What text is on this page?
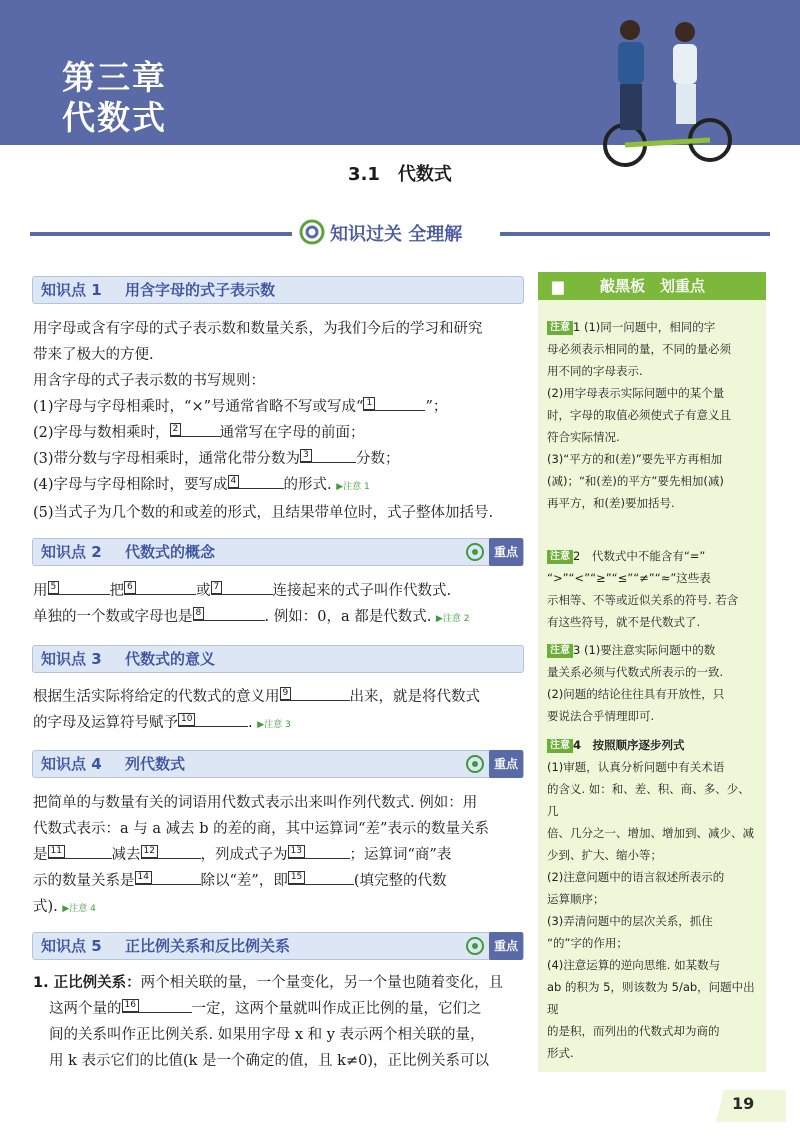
第三章
代数式
3.1　代数式
知识过关 全理解
知识点 1 用含字母的式子表示数
用字母或含有字母的式子表示数和数量关系，为我们今后的学习和研究
带来了极大的方便.
用含字母的式子表示数的书写规则：
(1)字母与字母相乘时，“×”号通常省略不写或写成“ 1	”；
(2)字母与数相乘时， 2	通常写在字母的前面；
(3)带分数与字母相乘时，通常化带分数为 3	分数；
(4)字母与字母相除时，要写成 4	的形式. ▶注意 1
(5)当式子为几个数的和或差的形式，且结果带单位时，式子整体加括号.
知识点 2 代数式的概念	重点
用 5	把 6	或 7	连接起来的式子叫作代数式.
单独的一个数或字母也是 8	. 例如：0，a 都是代数式. ▶注意 2
知识点 3 代数式的意义
根据生活实际将给定的代数式的意义用 9	出来，就是将代数式
的字母及运算符号赋予 10	. ▶注意 3
知识点 4 列代数式	重点
把简单的与数量有关的词语用代数式表示出来叫作列代数式. 例如：用
代数式表示：a 与 a 减去 b 的差的商，其中运算词“差”表示的数量关系
是 11	减去 12	，列成式子为 13	；运算词“商”表
示的数量关系是 14	除以“差”，即 15	(填完整的代数
式). ▶注意 4
知识点 5 正比例关系和反比例关系	重点
1. 正比例关系：两个相关联的量，一个量变化，另一个量也随着变化，且
这两个量的 16	一定，这两个量就叫作成正比例的量，它们之
间的关系叫作正比例关系. 如果用字母 x 和 y 表示两个相关联的量，
用 k 表示它们的比值(k 是一个确定的值，且 k≠0)，正比例关系可以
▆ 敲黑板　划重点
注意 1 (1)同一问题中，相同的字
母必须表示相同的量，不同的量必须
用不同的字母表示.
(2)用字母表示实际问题中的某个量
时，字母的取值必须使式子有意义且
符合实际情况.
(3)“平方的和(差)”要先平方再相加
(减)；“和(差)的平方”要先相加(减)
再平方，和(差)要加括号.
注意 2　代数式中不能含有“=”
“>”“<”“≥”“≤”“≠”“≈”这些表
示相等、不等或近似关系的符号. 若含
有这些符号，就不是代数式了.
注意 3 (1)要注意实际问题中的数
量关系必须与代数式所表示的一致.
(2)问题的结论往往具有开放性，只
要说法合乎情理即可.
注意 4　按照顺序逐步列式
(1)审题，认真分析问题中有关术语
的含义. 如：和、差、积、商、多、少、几
倍、几分之一、增加、增加到、减少、减
少到、扩大、缩小等；
(2)注意问题中的语言叙述所表示的
运算顺序；
(3)弄清问题中的层次关系，抓住
“的”字的作用；
(4)注意运算的逆向思维. 如某数与
ab 的积为 5，则该数为 5/ab，问题中出现
的是积，而列出的代数式却为商的
形式.
19
